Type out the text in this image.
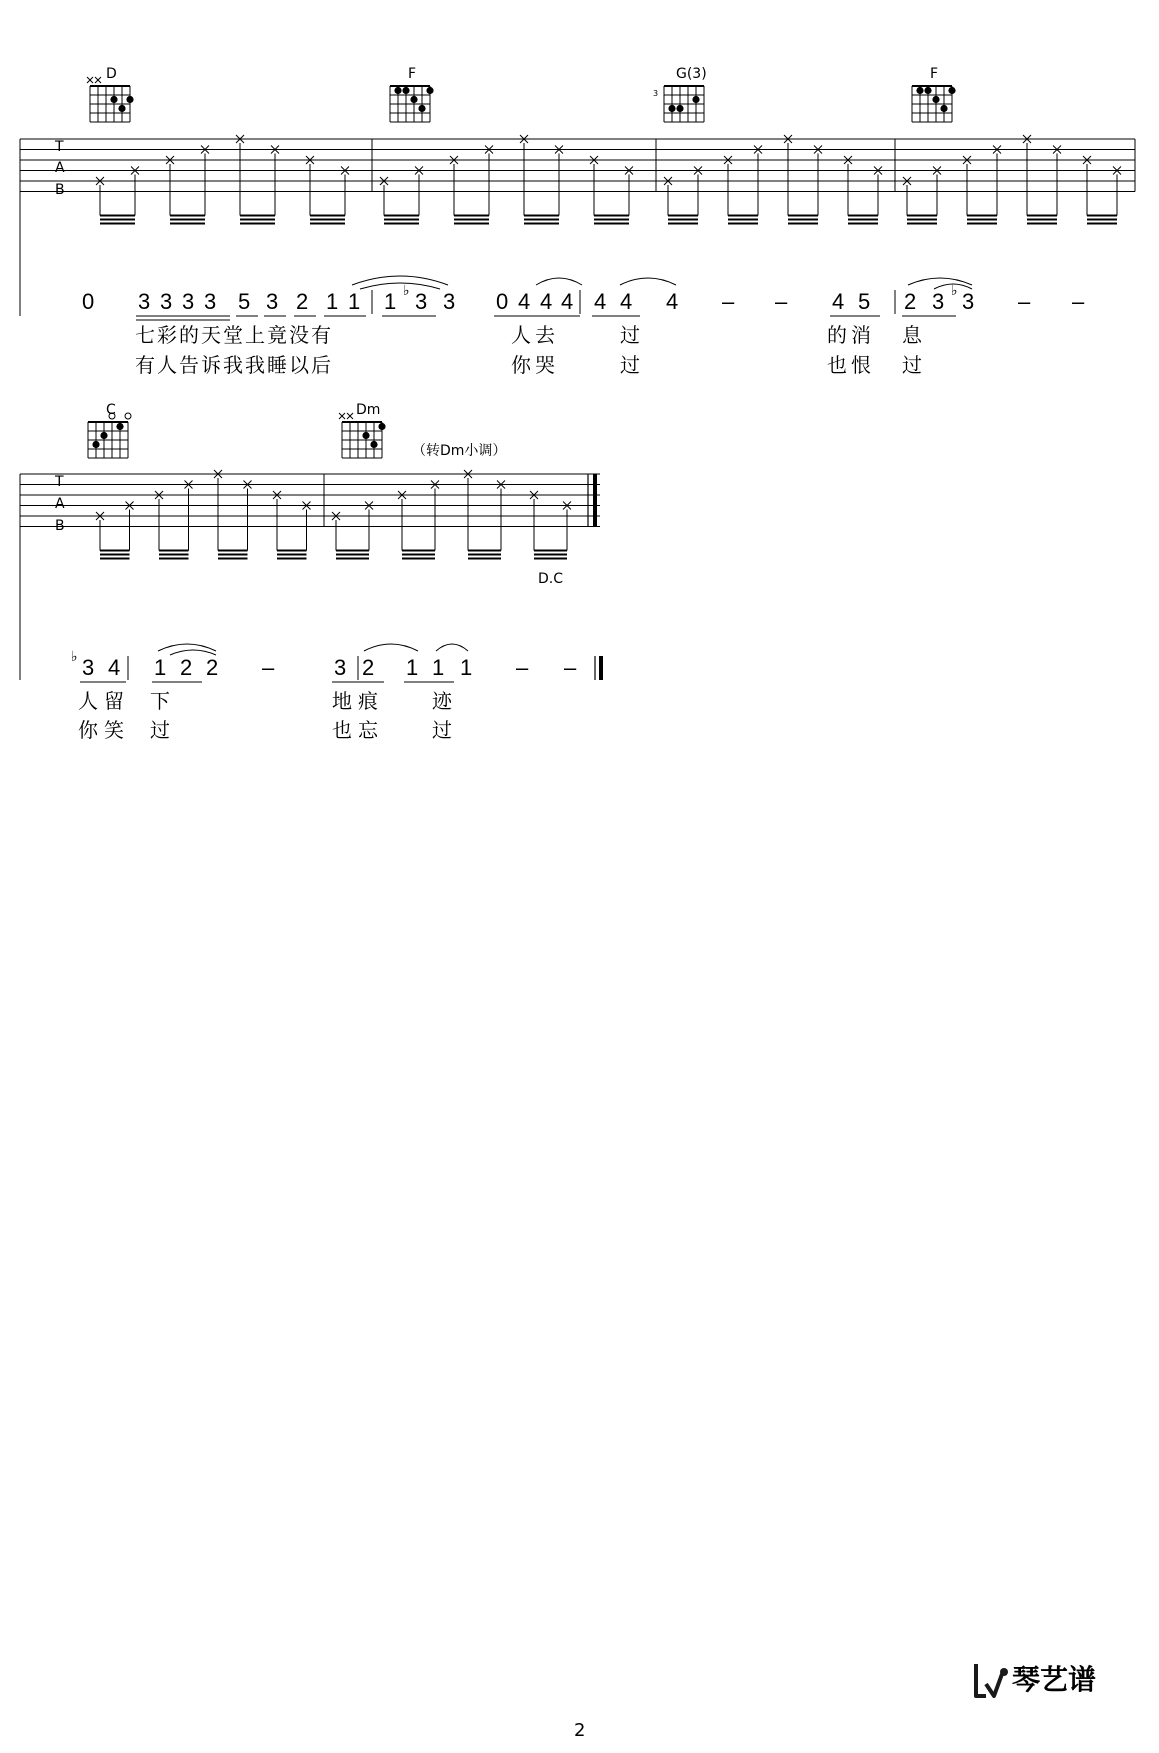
3
D	F	G(3)	F
T
A
B
0 3 3 3 3 5 3 2 1 1 1 ♭ 3 3 0 4 4 4 4 4 4 – – 4 5 2 3 ♭ 3 – –
七彩的天堂上竟没有	人去	过	的消 息
有人告诉我我睡以后	你哭	过	也恨 过
C	Dm
（转Dm小调）
T
A
B
D.C
♭ 3 4 1 2 2 –	3 2 1 1 1 – –
人留 下	地痕 迹
你笑 过	也忘 过
琴艺谱
2
